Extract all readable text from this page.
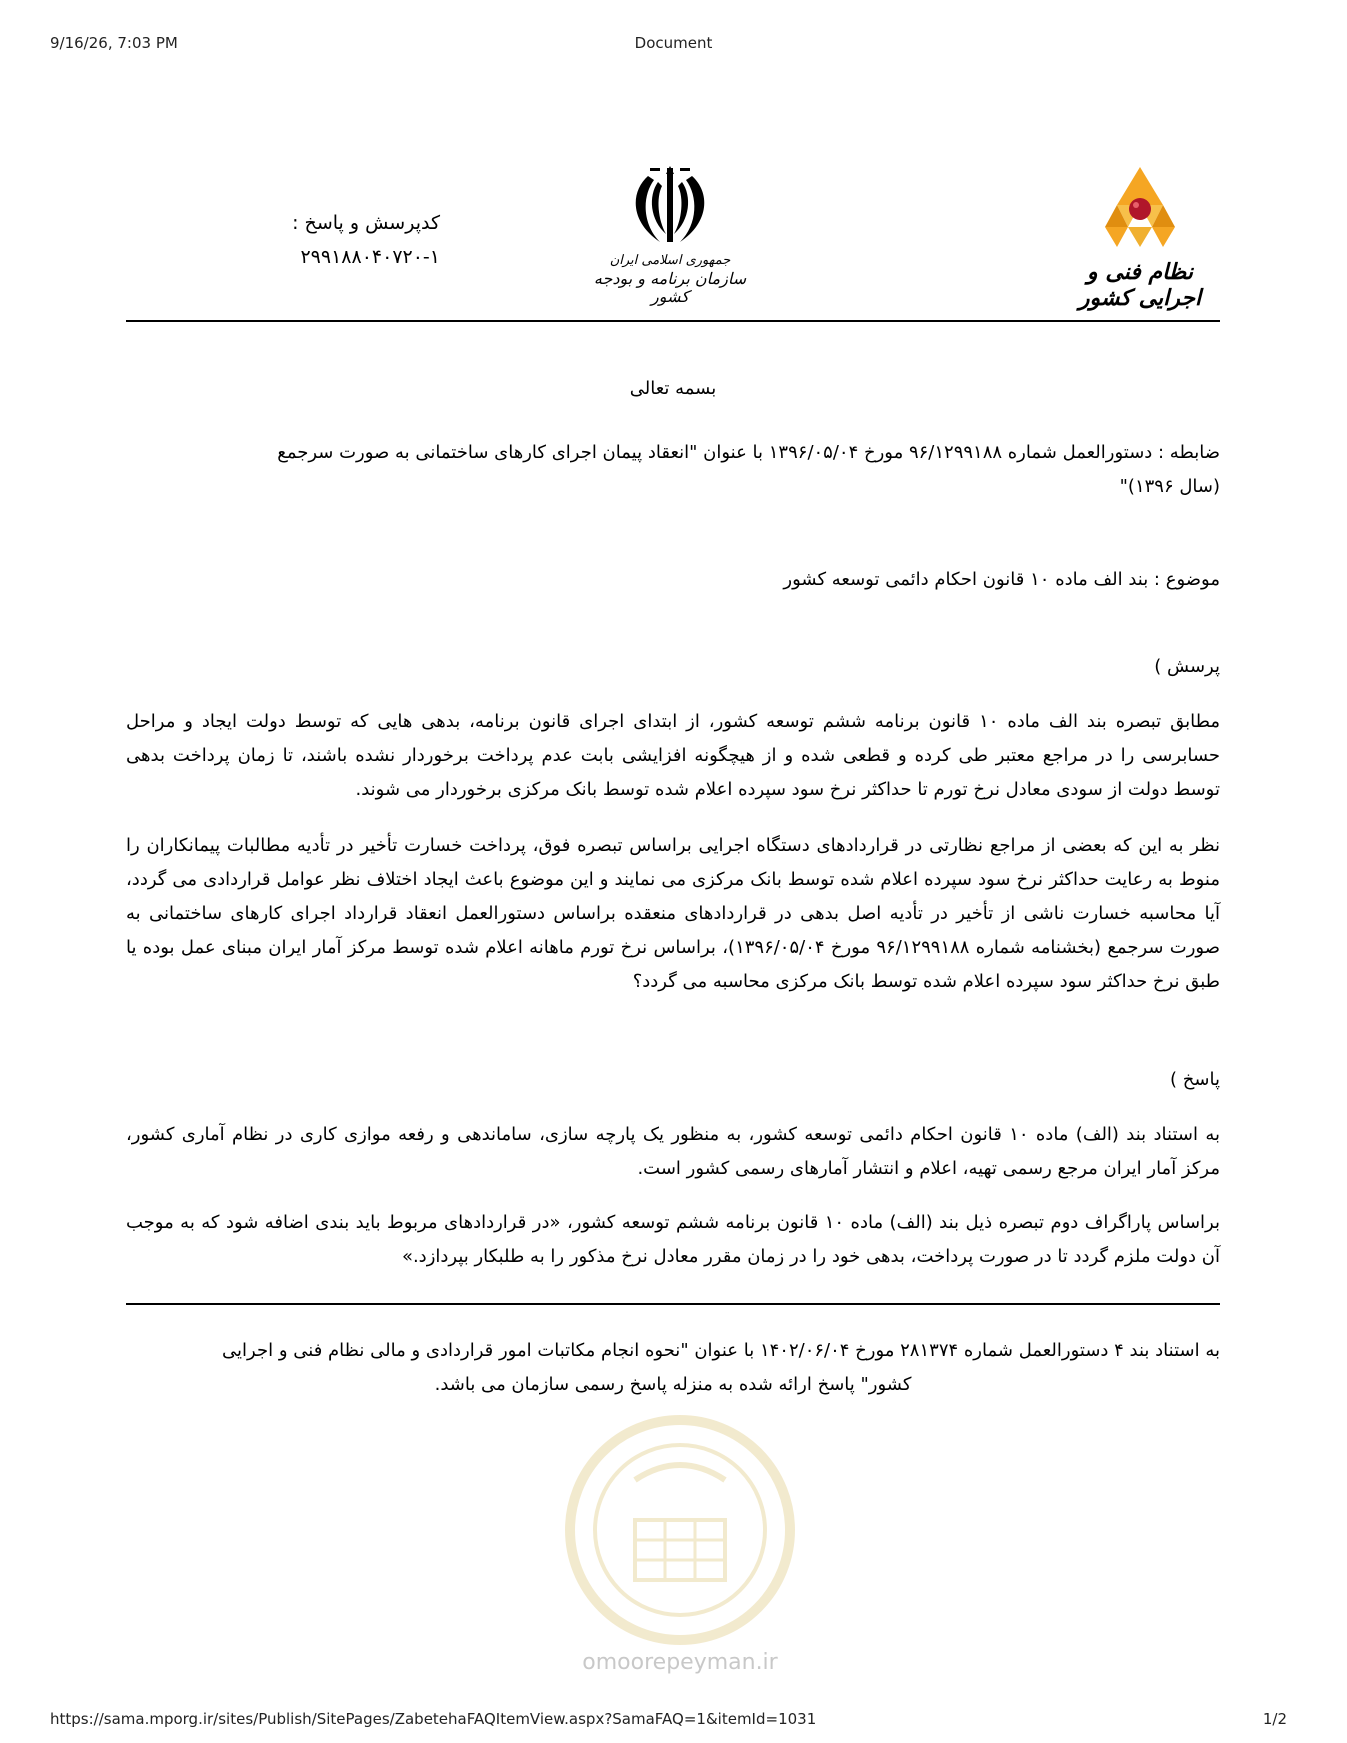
9/16/26, 7:03 PM	Document
کدپرسش و پاسخ :
۲۹۹۱۸۸۰۴۰۷۲۰-۱	جمهوری اسلامی ایران
سازمان برنامه و بودجه کشور
نظام فنی و اجرایی کشور
بسمه تعالی

ضابطه : دستورالعمل شماره ۹۶/۱۲۹۹۱۸۸ مورخ ۱۳۹۶/۰۵/۰۴ با عنوان "انعقاد پیمان اجرای کارهای ساختمانی به صورت سرجمع

(سال ۱۳۹۶)"

موضوع : بند الف ماده ۱۰ قانون احکام دائمی توسعه کشور
پرسش )

مطابق تبصره بند الف ماده ۱۰ قانون برنامه ششم توسعه کشور، از ابتدای اجرای قانون برنامه، بدهی هایی که توسط دولت ایجاد و مراحل حسابرسی را در مراجع معتبر طی کرده و قطعی شده و از هیچگونه افزایشی بابت عدم پرداخت برخوردار نشده باشند، تا زمان پرداخت بدهی توسط دولت از سودی معادل نرخ تورم تا حداکثر نرخ سود سپرده اعلام شده توسط بانک مرکزی برخوردار می شوند.

نظر به این که بعضی از مراجع نظارتی در قراردادهای دستگاه اجرایی براساس تبصره فوق، پرداخت خسارت تأخیر در تأدیه مطالبات پیمانکاران را منوط به رعایت حداکثر نرخ سود سپرده اعلام شده توسط بانک مرکزی می نمایند و این موضوع باعث ایجاد اختلاف نظر عوامل قراردادی می گردد، آیا محاسبه خسارت ناشی از تأخیر در تأدیه اصل بدهی در قراردادهای منعقده براساس دستورالعمل انعقاد قرارداد اجرای کارهای ساختمانی به صورت سرجمع (بخشنامه شماره ۹۶/۱۲۹۹۱۸۸ مورخ ۱۳۹۶/۰۵/۰۴)، براساس نرخ تورم ماهانه اعلام شده توسط مرکز آمار ایران مبنای عمل بوده یا طبق نرخ حداکثر سود سپرده اعلام شده توسط بانک مرکزی محاسبه می گردد؟

پاسخ )

به استناد بند (الف) ماده ۱۰ قانون احکام دائمی توسعه کشور، به منظور یک پارچه سازی، ساماندهی و رفعه موازی کاری در نظام آماری کشور، مرکز آمار ایران مرجع رسمی تهیه، اعلام و انتشار آمارهای رسمی کشور است.

براساس پاراگراف دوم تبصره ذیل بند (الف) ماده ۱۰ قانون برنامه ششم توسعه کشور، «در قراردادهای مربوط باید بندی اضافه شود که به موجب آن دولت ملزم گردد تا در صورت پرداخت، بدهی خود را در زمان مقرر معادل نرخ مذکور را به طلبکار بپردازد.»

به استناد بند ۴ دستورالعمل شماره ۲۸۱۳۷۴ مورخ ۱۴۰۲/۰۶/۰۴ با عنوان "نحوه انجام مکاتبات امور قراردادی و مالی نظام فنی و اجرایی

کشور" پاسخ ارائه شده به منزله پاسخ رسمی سازمان می باشد.

omoorepeyman.ir
https://sama.mporg.ir/sites/Publish/SitePages/ZabetehaFAQItemView.aspx?SamaFAQ=1&itemId=1031	1/2
